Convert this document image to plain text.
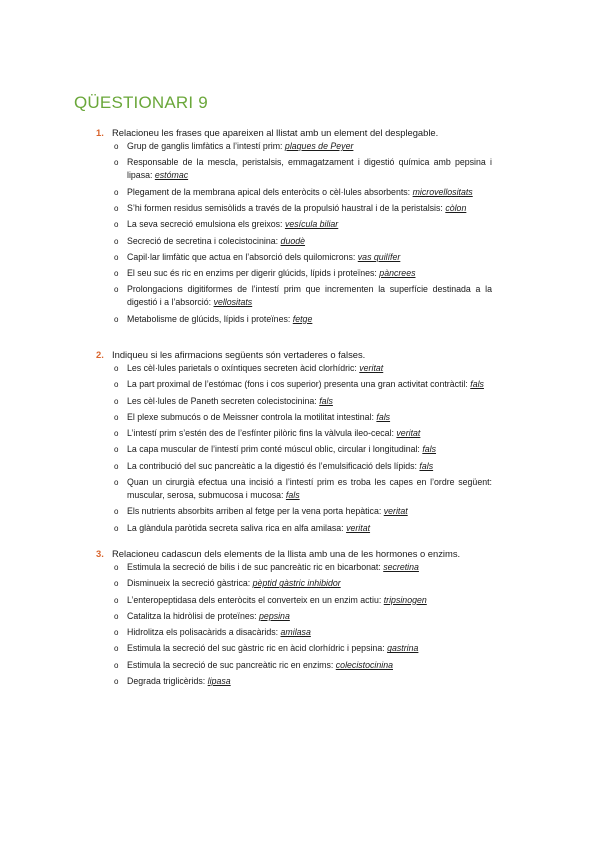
QÜESTIONARI 9
1. Relacioneu les frases que apareixen al llistat amb un element del desplegable.
o Grup de ganglis limfàtics a l’intestí prim: plaques de Peyer
o Responsable de la mescla, peristalsis, emmagatzament i digestió química amb pepsina i lipasa: estómac
o Plegament de la membrana apical dels enteròcits o cèl·lules absorbents: microvellositats
o S’hi formen residus semisòlids a través de la propulsió haustral i de la peristalsis: còlon
o La seva secreció emulsiona els greixos: vesícula biliar
o Secreció de secretina i colecistocinina: duodè
o Capil·lar limfàtic que actua en l’absorció dels quilomicrons: vas quilífer
o El seu suc és ric en enzims per digerir glúcids, lípids i proteïnes: pàncrees
o Prolongacions digitiformes de l’intestí prim que incrementen la superfície destinada a la digestió i a l’absorció: vellositats
o Metabolisme de glúcids, lípids i proteïnes: fetge
2. Indiqueu si les afirmacions següents són vertaderes o falses.
o Les cèl·lules parietals o oxíntiques secreten àcid clorhídric: veritat
o La part proximal de l’estómac (fons i cos superior) presenta una gran activitat contràctil: fals
o Les cèl·lules de Paneth secreten colecistocinina: fals
o El plexe submucós o de Meissner controla la motilitat intestinal: fals
o L’intestí prim s’estén des de l’esfínter pilòric fins la vàlvula ileo-cecal: veritat
o La capa muscular de l’intestí prim conté múscul oblic, circular i longitudinal: fals
o La contribució del suc pancreàtic a la digestió és l’emulsificació dels lípids: fals
o Quan un cirurgià efectua una incisió a l’intestí prim es troba les capes en l’ordre següent: muscular, serosa, submucosa i mucosa: fals
o Els nutrients absorbits arriben al fetge per la vena porta hepàtica: veritat
o La glàndula paròtida secreta saliva rica en alfa amilasa: veritat
3. Relacioneu cadascun dels elements de la llista amb una de les hormones o enzims.
o Estimula la secreció de bilis i de suc pancreàtic ric en bicarbonat: secretina
o Disminueix la secreció gàstrica: pèptid gàstric inhibidor
o L’enteropeptidasa dels enteròcits el converteix en un enzim actiu: tripsinogen
o Catalitza la hidròlisi de proteïnes: pepsina
o Hidrolitza els polisacàrids a disacàrids: amilasa
o Estimula la secreció del suc gàstric ric en àcid clorhídric i pepsina: gastrina
o Estimula la secreció de suc pancreàtic ric en enzims: colecistocinina
o Degrada triglicèrids: lipasa
